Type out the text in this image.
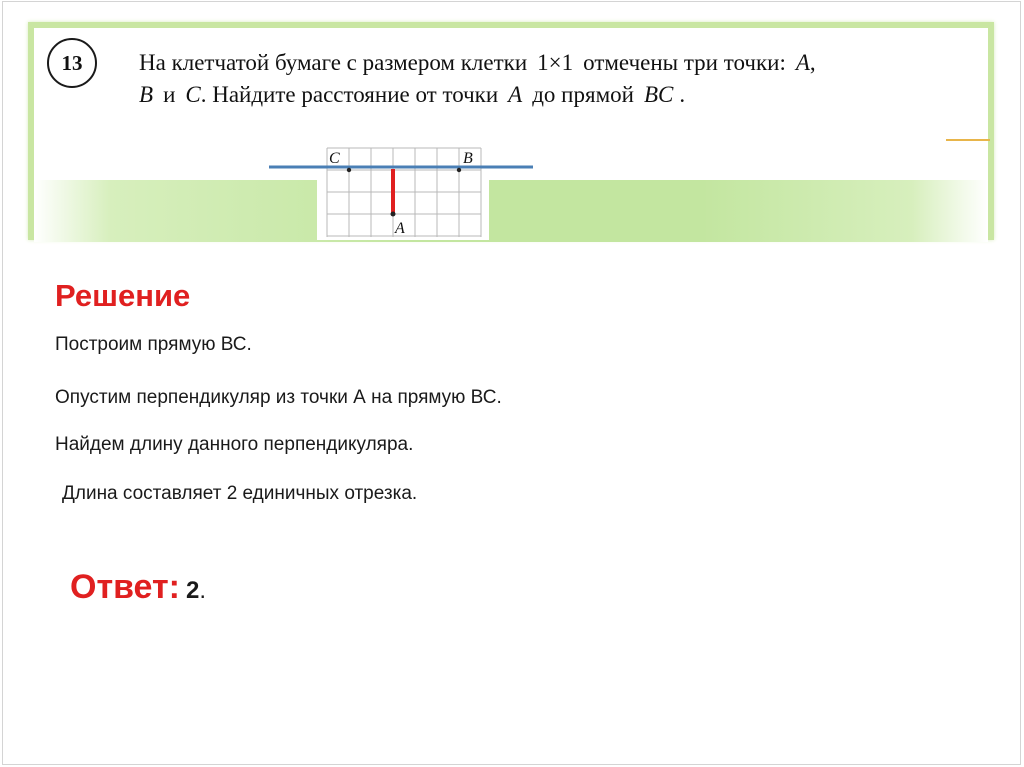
13	На клетчатой бумаге с размером клетки 1×1 отмечены три точки: A,
B и C. Найдите расстояние от точки A до прямой BC .
C	B
A
Решение
Построим прямую ВС.
Опустим перпендикуляр из точки А на прямую ВС.
Найдем длину данного перпендикуляра.
Длина составляет 2 единичных отрезка.
Ответ: 2.
